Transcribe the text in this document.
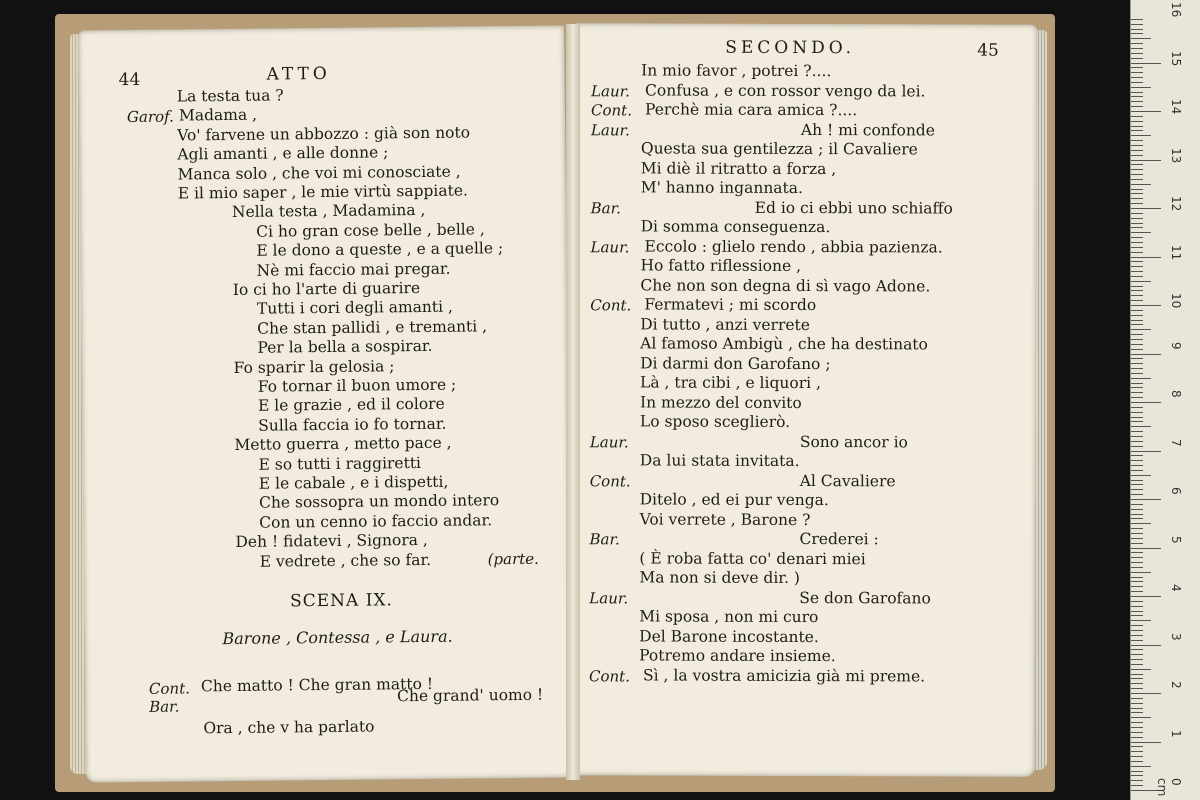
0 cm
1
2
3
4
5
6
7
8
9
10
11
12
13
14
15
16
44	ATTO
La testa tua ?
Garof. Madama ,
Vo' farvene un abbozzo : già son noto
Agli amanti , e alle donne ;
Manca solo , che voi mi conosciate ,
E il mio saper , le mie virtù sappiate.
Nella testa , Madamina ,
Ci ho gran cose belle , belle ,
E le dono a queste , e a quelle ;
Nè mi faccio mai pregar.
Io ci ho l'arte di guarire
Tutti i cori degli amanti ,
Che stan pallidi , e tremanti ,
Per la bella a sospirar.
Fo sparir la gelosia ;
Fo tornar il buon umore ;
E le grazie , ed il colore
Sulla faccia io fo tornar.
Metto guerra , metto pace ,
E so tutti i raggiretti
E le cabale , e i dispetti,
Che sossopra un mondo intero
Con un cenno io faccio andar.
Deh ! fidatevi , Signora ,
E vedrete , che so far.	(parte.
SCENA IX.
Barone , Contessa , e Laura.
Cont. Che matto ! Che gran matto !
Bar.
Che grand' uomo !
Ora , che v ha parlato
SECONDO.	45
In mio favor , potrei ?....
Laur. Confusa , e con rossor vengo da lei.
Cont. Perchè mia cara amica ?....
Laur.	Ah ! mi confonde
Questa sua gentilezza ; il Cavaliere
Mi diè il ritratto a forza ,
M' hanno ingannata.
Bar.	Ed io ci ebbi uno schiaffo
Di somma conseguenza.
Laur. Eccolo : glielo rendo , abbia pazienza.
Ho fatto riflessione ,
Che non son degna di sì vago Adone.
Cont. Fermatevi ; mi scordo
Di tutto , anzi verrete
Al famoso Ambigù , che ha destinato
Di darmi don Garofano ;
Là , tra cibi , e liquori ,
In mezzo del convito
Lo sposo sceglierò.
Laur.	Sono ancor io
Da lui stata invitata.
Cont.	Al Cavaliere
Ditelo , ed ei pur venga.
Voi verrete , Barone ?
Bar.	Crederei :
( È roba fatta co' denari miei
Ma non si deve dir. )
Laur.	Se don Garofano
Mi sposa , non mi curo
Del Barone incostante.
Potremo andare insieme.
Cont. Sì , la vostra amicizia già mi preme.
